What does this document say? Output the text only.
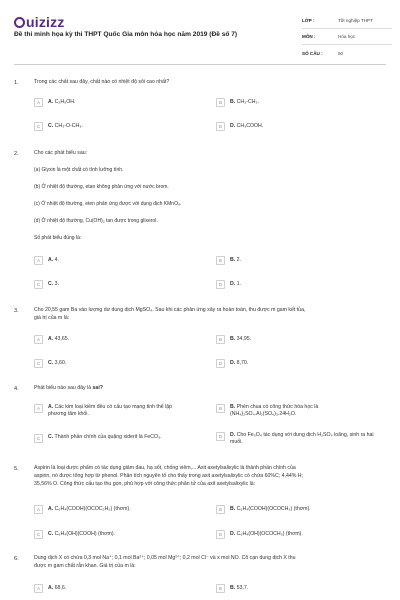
uizizz
Đề thi minh họa kỳ thi THPT Quốc Gia môn hóa học năm 2019 (Đề số 7)
LỚP :	Tốt nghiệp THPT
MÔN :	Hóa học
SỐ CÂU :	50
1.	Trong các chất sau đây, chất nào có nhiệt độ sôi cao nhất?
A	A. C₂H₅OH.	B	B. CH₃-CH₃.
C	C. CH₃-O-CH₃.	D	D. CH₃COOH.
2.	Cho các phát biểu sau:
(a) Glyxin là một chất có tính lưỡng tính.
(b) Ở nhiệt độ thường, etan không phản ứng với nước brom.
(c) Ở nhiệt độ thường, eten phản ứng được với dung dịch KMnO₄.
(d) Ở nhiệt độ thường, Cu(OH)₂ tan được trong glixerol.
Số phát biểu đúng là:
A	A. 4.	B	B. 2.
C	C. 3.	D	D. 1.
3.	Cho 20,55 gam Ba vào lượng dư dung dịch MgSO₄. Sau khi các phản ứng xảy ra hoàn toàn, thu được m gam kết tủa,
giá trị của m là:
A	A. 43,65.	B	B. 34,95.
C	C. 3,60.	D	D. 8,70.
4.	Phát biểu nào sau đây là sai?
A	A. Các kim loại kiềm đều có cấu tạo mạng tinh thể lập phương tâm khối.
B	B. Phèn chua có công thức hóa học là (NH₄)₂SO₄.Al₂(SO₄)₃.24H₂O.
C	C. Thành phần chính của quặng xiderit là FeCO₃.	D	D. Cho Fe₃O₄ tác dụng với dung dịch H₂SO₄ loãng, sinh ra hai muối.
5.	Aspirin là loại dược phẩm có tác dụng giảm đau, hạ sốt, chống viêm,... Axit axetylsalixylic là thành phần chính của
aspirin, nó được tổng hợp từ phenol. Phân tích nguyên tố cho thấy trong axit axetylsalixylic có chứa 60%C; 4,44% H;
35,56% O. Công thức cấu tạo thu gọn, phù hợp với công thức phân tử của axit axetylsalixylic là:
A	A. C₆H₄(COOH)(OCOC₂H₅) (thơm).	B	B. C₆H₄(COOH)(OCOCH₃) (thơm).
C	C. C₆H₄(OH)(COOH) (thơm).	D	D. C₆H₄(OH)(OCOCH₃) (thơm).
6.	Dung dịch X có chứa 0,3 mol Na⁺; 0,1 mol Ba²⁺; 0,05 mol Mg²⁺; 0,2 mol Cl⁻ và x mol NO. Cô cạn dung dịch X thu
được m gam chất rắn khan. Giá trị của m là:
A	A. 68,6.	B	B. 53,7.
